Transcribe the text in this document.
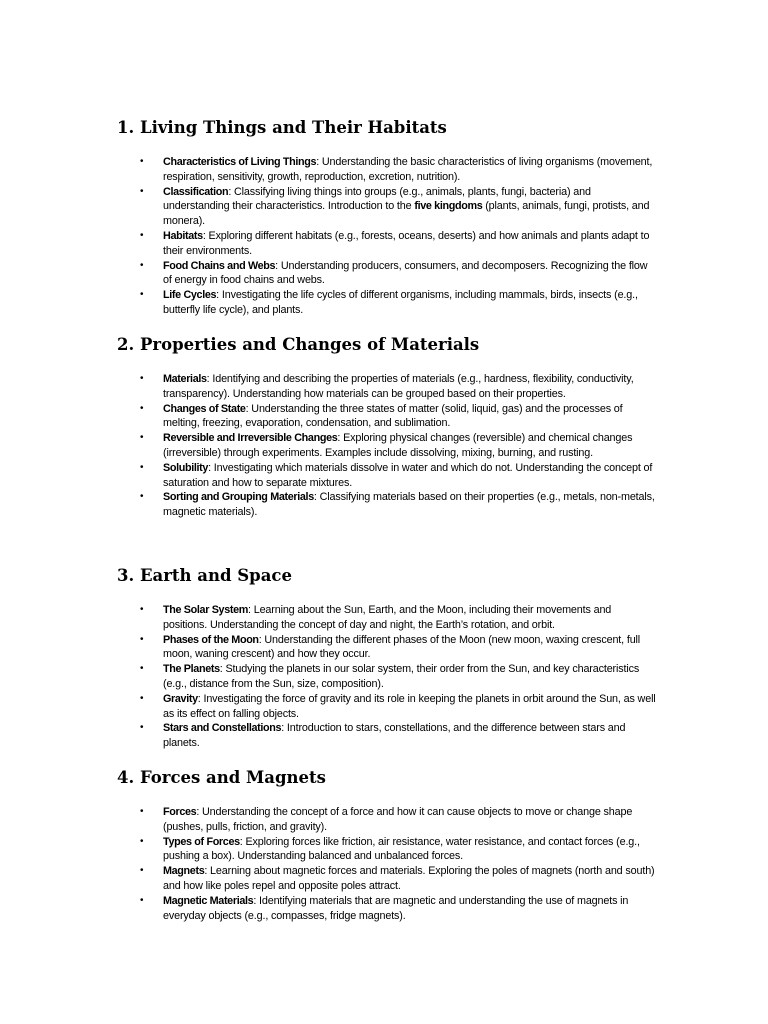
1. Living Things and Their Habitats
• Characteristics of Living Things: Understanding the basic characteristics of living organisms (movement, respiration, sensitivity, growth, reproduction, excretion, nutrition).
• Classification: Classifying living things into groups (e.g., animals, plants, fungi, bacteria) and understanding their characteristics. Introduction to the five kingdoms (plants, animals, fungi, protists, and monera).
• Habitats: Exploring different habitats (e.g., forests, oceans, deserts) and how animals and plants adapt to their environments.
• Food Chains and Webs: Understanding producers, consumers, and decomposers. Recognizing the flow of energy in food chains and webs.
• Life Cycles: Investigating the life cycles of different organisms, including mammals, birds, insects (e.g., butterfly life cycle), and plants.
2. Properties and Changes of Materials
• Materials: Identifying and describing the properties of materials (e.g., hardness, flexibility, conductivity, transparency). Understanding how materials can be grouped based on their properties.
• Changes of State: Understanding the three states of matter (solid, liquid, gas) and the processes of melting, freezing, evaporation, condensation, and sublimation.
• Reversible and Irreversible Changes: Exploring physical changes (reversible) and chemical changes (irreversible) through experiments. Examples include dissolving, mixing, burning, and rusting.
• Solubility: Investigating which materials dissolve in water and which do not. Understanding the concept of saturation and how to separate mixtures.
• Sorting and Grouping Materials: Classifying materials based on their properties (e.g., metals, non-metals, magnetic materials).
3. Earth and Space
• The Solar System: Learning about the Sun, Earth, and the Moon, including their movements and positions. Understanding the concept of day and night, the Earth’s rotation, and orbit.
• Phases of the Moon: Understanding the different phases of the Moon (new moon, waxing crescent, full moon, waning crescent) and how they occur.
• The Planets: Studying the planets in our solar system, their order from the Sun, and key characteristics (e.g., distance from the Sun, size, composition).
• Gravity: Investigating the force of gravity and its role in keeping the planets in orbit around the Sun, as well as its effect on falling objects.
• Stars and Constellations: Introduction to stars, constellations, and the difference between stars and planets.
4. Forces and Magnets
• Forces: Understanding the concept of a force and how it can cause objects to move or change shape (pushes, pulls, friction, and gravity).
• Types of Forces: Exploring forces like friction, air resistance, water resistance, and contact forces (e.g., pushing a box). Understanding balanced and unbalanced forces.
• Magnets: Learning about magnetic forces and materials. Exploring the poles of magnets (north and south) and how like poles repel and opposite poles attract.
• Magnetic Materials: Identifying materials that are magnetic and understanding the use of magnets in everyday objects (e.g., compasses, fridge magnets).
